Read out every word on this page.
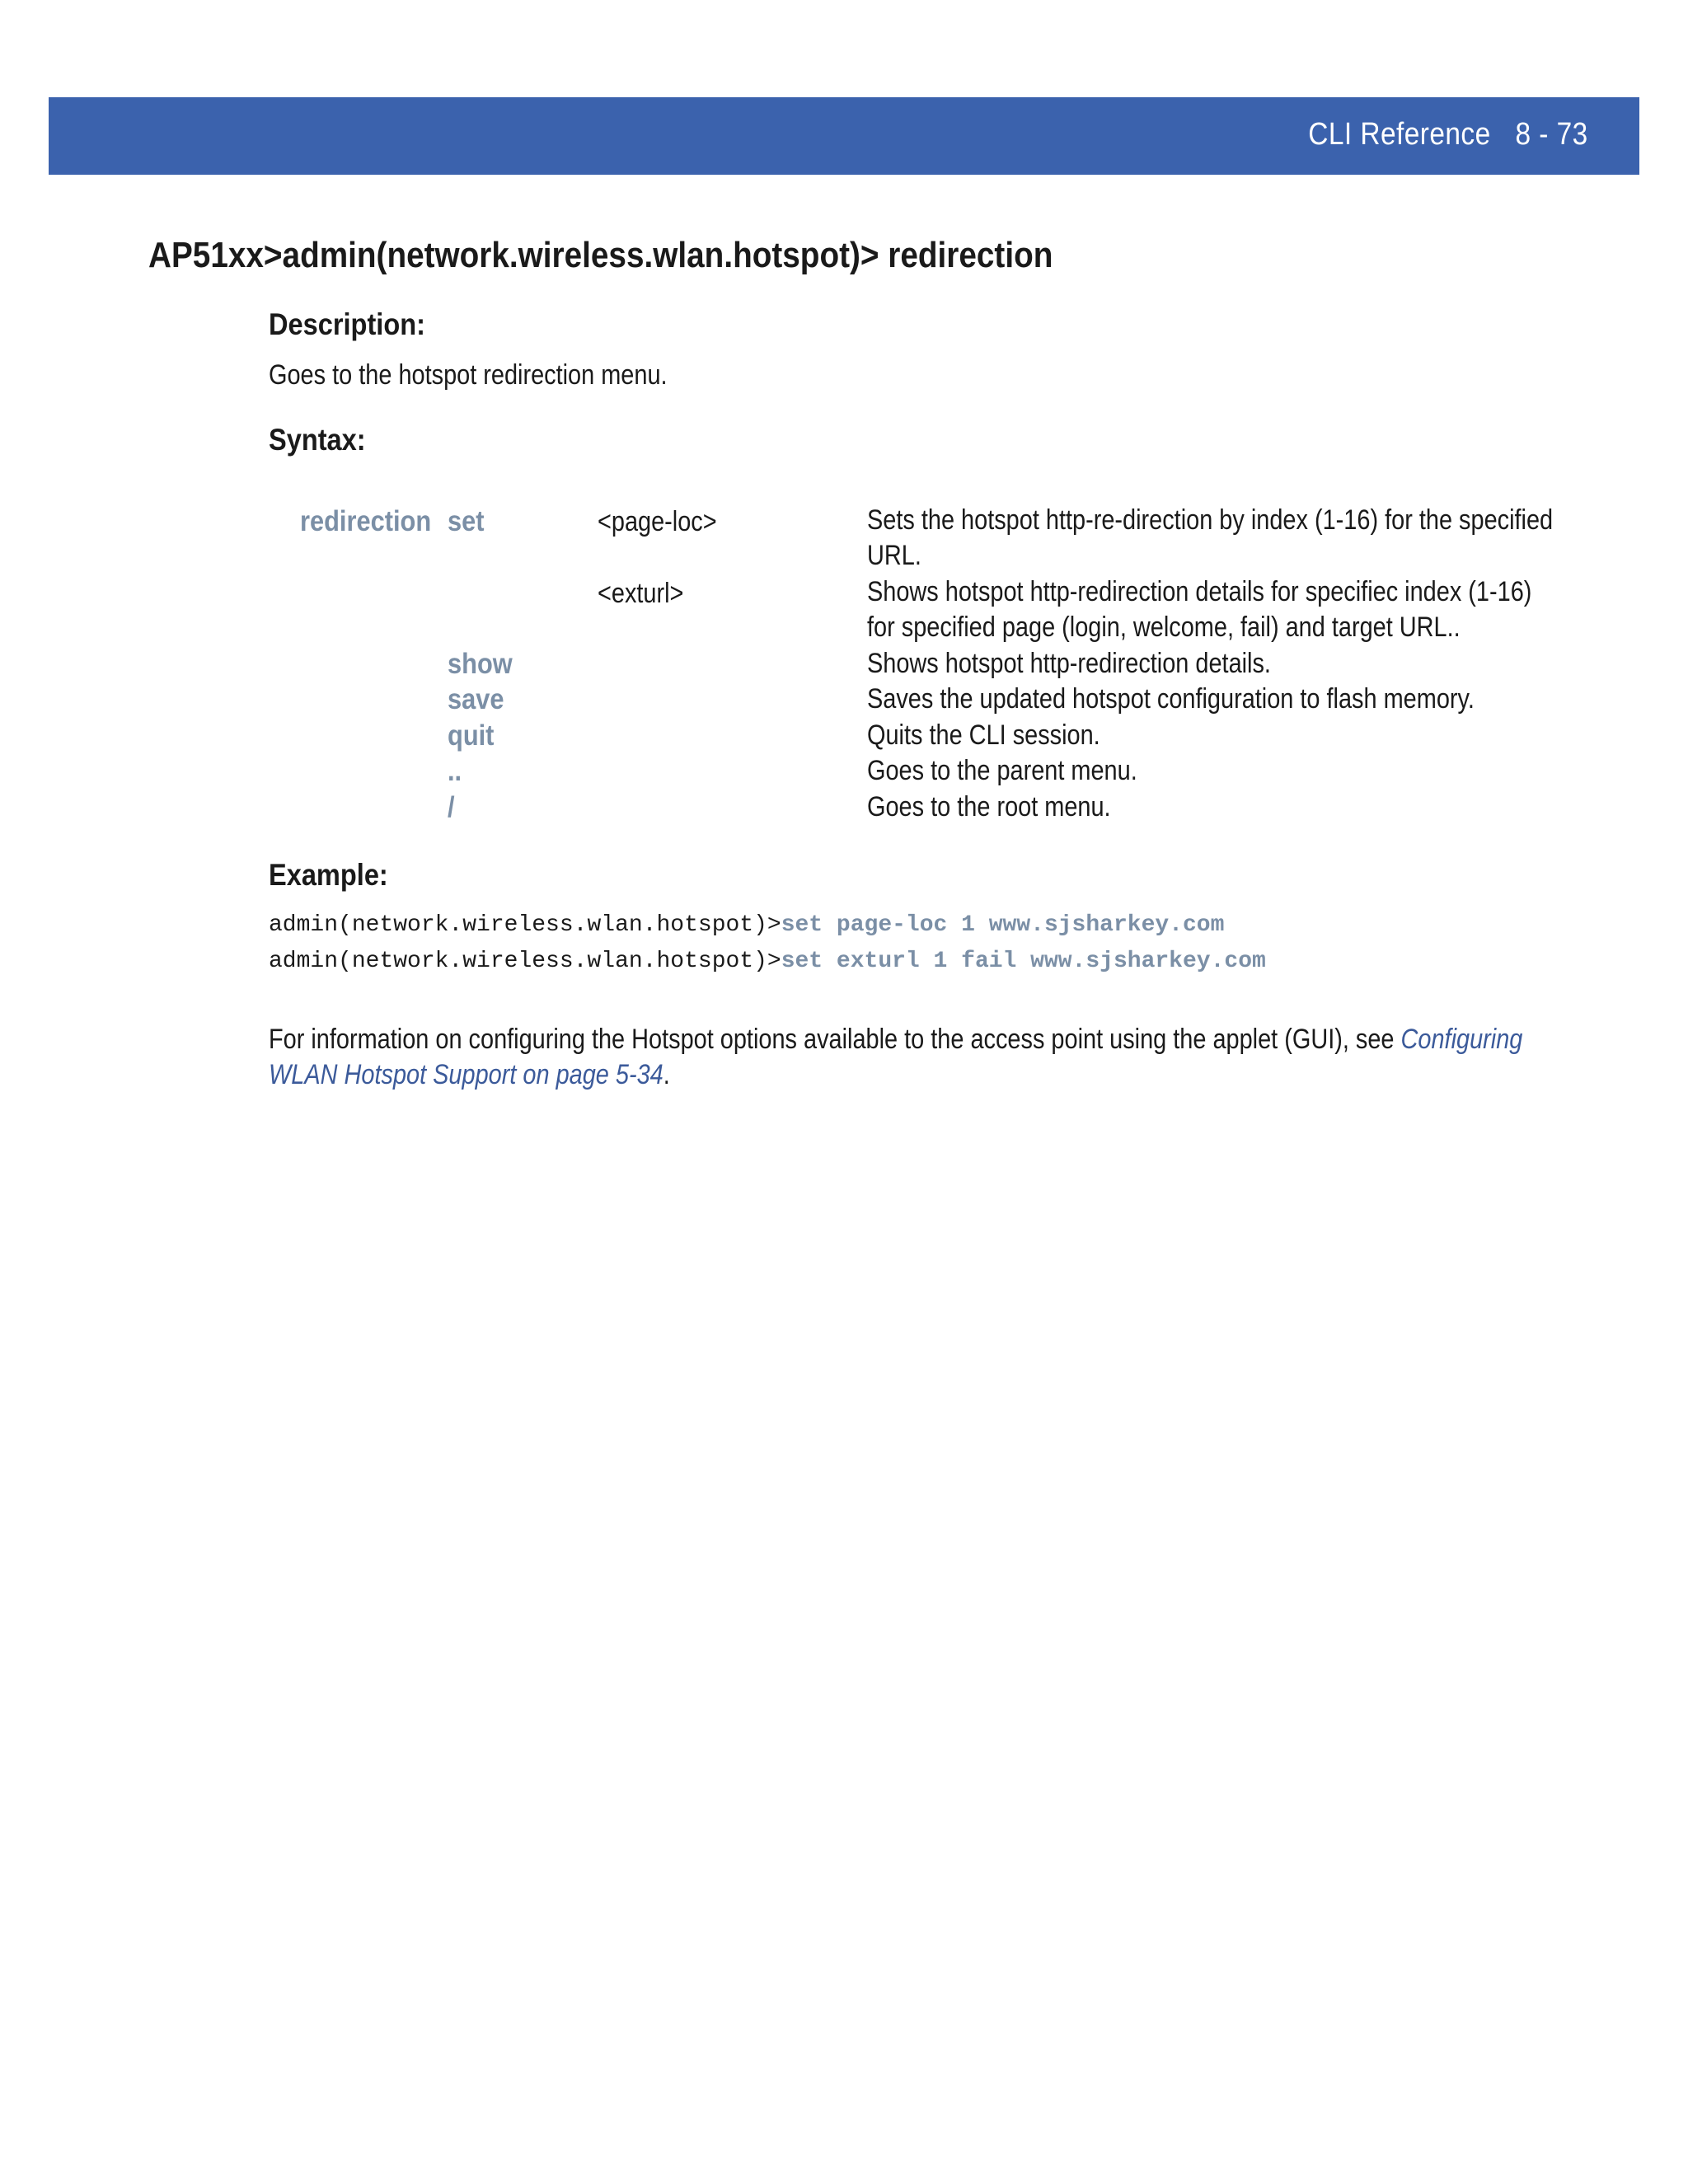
CLI Reference 8 - 73
AP51xx>admin(network.wireless.wlan.hotspot)> redirection
Description:
Goes to the hotspot redirection menu.
Syntax:
redirection set	<page-loc>	Sets the hotspot http-re-direction by index (1-16) for the specified
URL.
<exturl>	Shows hotspot http-redirection details for specifiec index (1-16)
for specified page (login, welcome, fail) and target URL..
show	Shows hotspot http-redirection details.
save	Saves the updated hotspot configuration to flash memory.
quit	Quits the CLI session.
..	Goes to the parent menu.
/	Goes to the root menu.
Example:
admin(network.wireless.wlan.hotspot)>set page-loc 1 www.sjsharkey.com
admin(network.wireless.wlan.hotspot)>set exturl 1 fail www.sjsharkey.com
For information on configuring the Hotspot options available to the access point using the applet (GUI), see Configuring
WLAN Hotspot Support on page 5-34.
